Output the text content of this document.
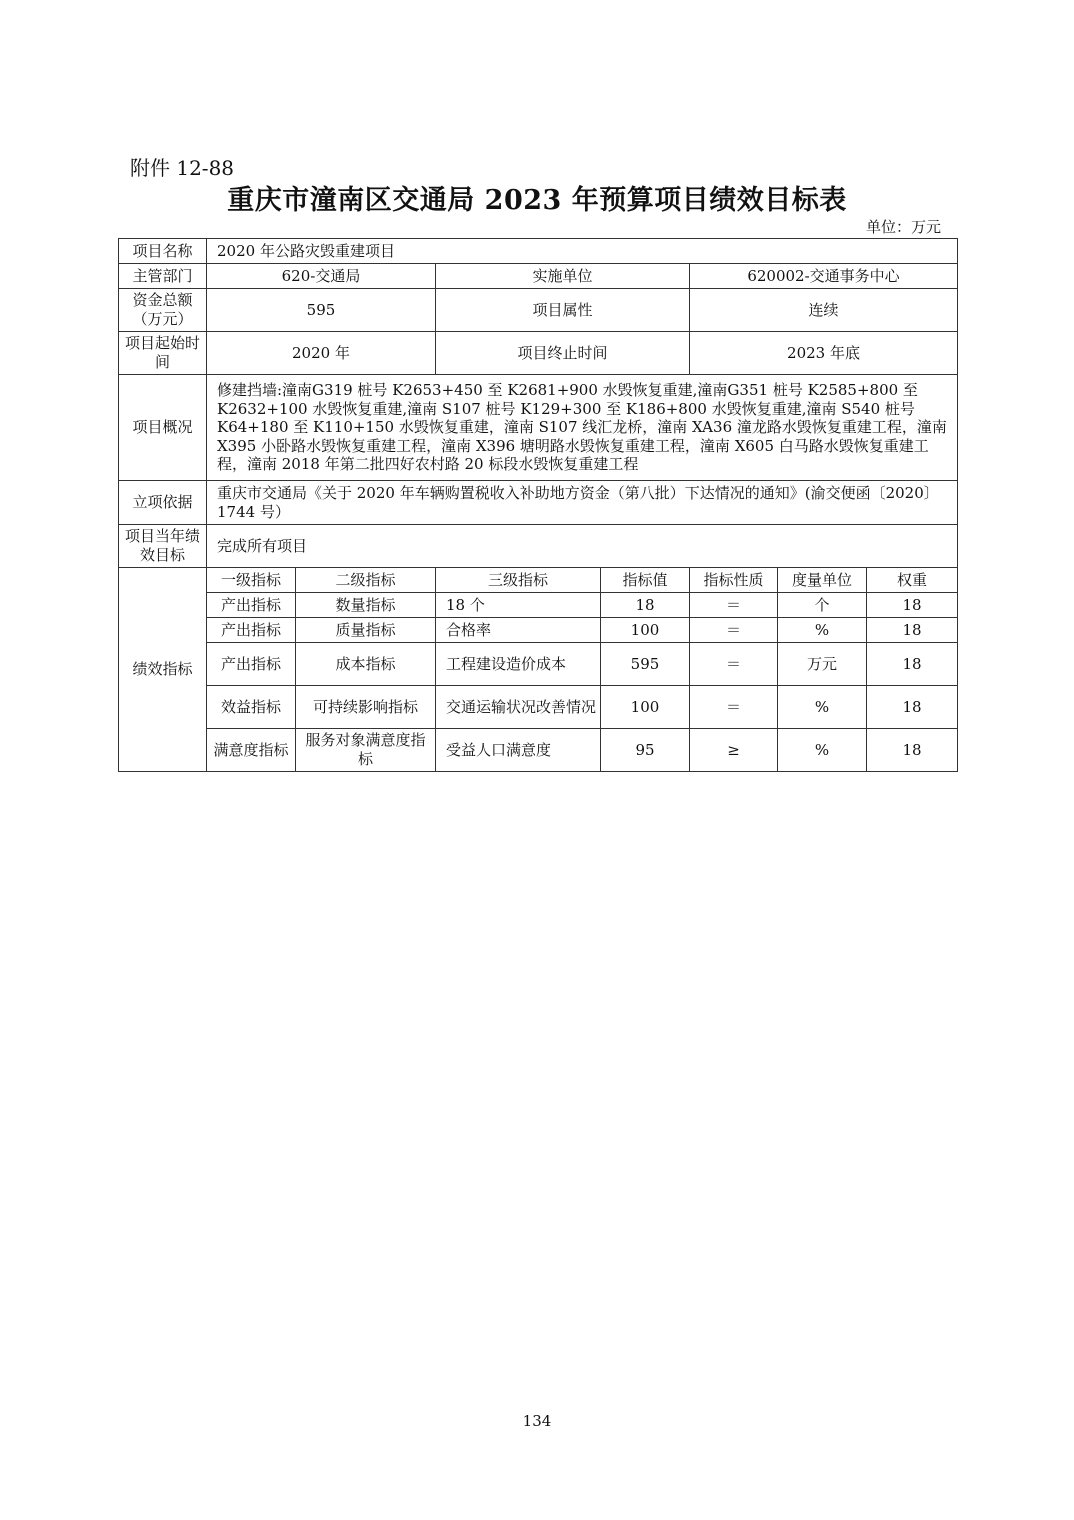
附件 12-88
重庆市潼南区交通局 2023 年预算项目绩效目标表
单位：万元
项目名称	2020 年公路灾毁重建项目						
主管部门	620-交通局		实施单位		620002-交通事务中心		
资金总额（万元）	595		项目属性		连续		
项目起始时间	2020 年		项目终止时间		2023 年底		
项目概况	修建挡墙:潼南G319 桩号 K2653+450 至 K2681+900 水毁恢复重建,潼南G351 桩号 K2585+800 至 K2632+100 水毁恢复重建,潼南 S107 桩号 K129+300 至 K186+800 水毁恢复重建,潼南 S540 桩号 K64+180 至 K110+150 水毁恢复重建，潼南 S107 线汇龙桥，潼南 XA36 潼龙路水毁恢复重建工程，潼南 X395 小卧路水毁恢复重建工程，潼南 X396 塘明路水毁恢复重建工程，潼南 X605 白马路水毁恢复重建工程，潼南 2018 年第二批四好农村路 20 标段水毁恢复重建工程						
立项依据	重庆市交通局《关于 2020 年车辆购置税收入补助地方资金（第八批）下达情况的通知》(渝交便函〔2020〕1744 号）						
项目当年绩效目标	完成所有项目						
绩效指标	一级指标	二级指标	三级指标	指标值	指标性质	度量单位	权重
	产出指标	数量指标	18 个	18	＝	个	18
	产出指标	质量指标	合格率	100	＝	%	18
	产出指标	成本指标	工程建设造价成本	595	＝	万元	18
	效益指标	可持续影响指标	交通运输状况改善情况	100	＝	%	18
	满意度指标	服务对象满意度指标	受益人口满意度	95	≥	%	18
134
